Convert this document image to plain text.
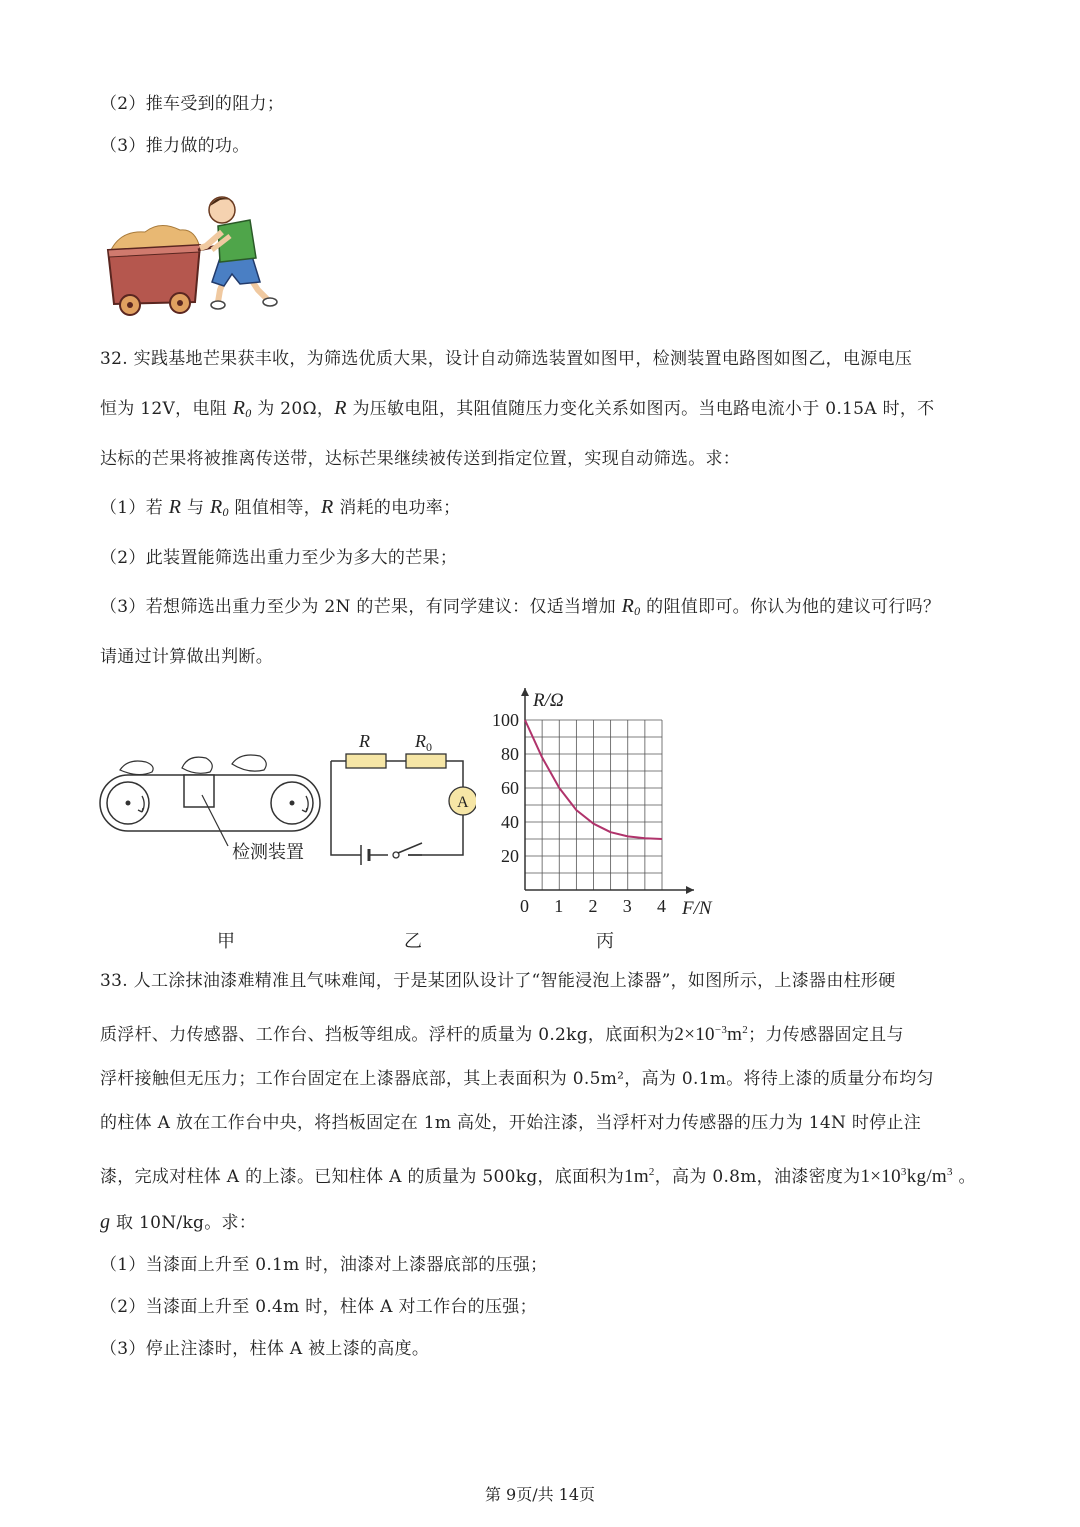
（2）推车受到的阻力；
（3）推力做的功。
32. 实践基地芒果获丰收，为筛选优质大果，设计自动筛选装置如图甲，检测装置电路图如图乙，电源电压
恒为 12V，电阻 $R_0$ 为 20Ω，R 为压敏电阻，其阻值随压力变化关系如图丙。当电路电流小于 0.15A 时，不
达标的芒果将被推离传送带，达标芒果继续被传送到指定位置，实现自动筛选。求：
（1）若 R 与 $R_0$ 阻值相等，R 消耗的电功率；
（2）此装置能筛选出重力至少为多大的芒果；
（3）若想筛选出重力至少为 2N 的芒果，有同学建议：仅适当增加 $R_0$ 的阻值即可。你认为他的建议可行吗？
请通过计算做出判断。
检测装置
R	$R_0$
A
0 1 2 3 4
100
80
60
40
20
R/Ω
F/N
甲	乙	丙
33. 人工涂抹油漆难精准且气味难闻，于是某团队设计了“智能浸泡上漆器”，如图所示，上漆器由柱形硬
质浮杆、力传感器、工作台、挡板等组成。浮杆的质量为 0.2kg，底面积为$2\times 10^{-3}m^2$；力传感器固定且与
浮杆接触但无压力；工作台固定在上漆器底部，其上表面积为 0.5m²，高为 0.1m。将待上漆的质量分布均匀
的柱体 A 放在工作台中央，将挡板固定在 1m 高处，开始注漆，当浮杆对力传感器的压力为 14N 时停止注
漆，完成对柱体 A 的上漆。已知柱体 A 的质量为 500kg，底面积为$1m^2$，高为 0.8m，油漆密度为$1\times 10^3kg/m^3$ 。
g 取 10N/kg。求：
（1）当漆面上升至 0.1m 时，油漆对上漆器底部的压强；
（2）当漆面上升至 0.4m 时，柱体 A 对工作台的压强；
（3）停止注漆时，柱体 A 被上漆的高度。
第 9页/共 14页
